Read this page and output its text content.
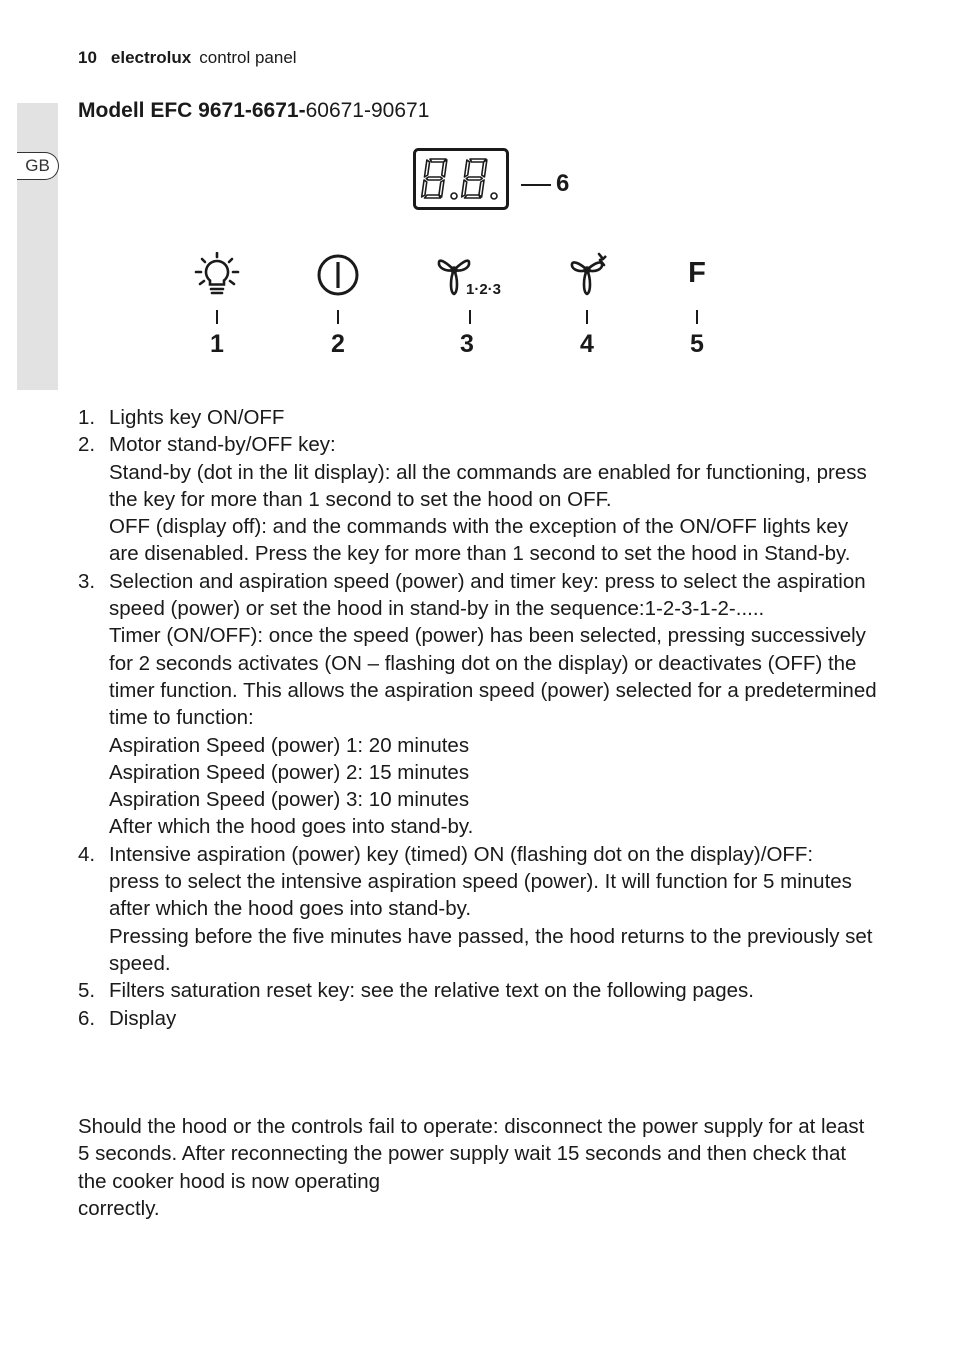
GB
10 electrolux control panel
Modell EFC 9671-6671-60671-90671
6
1	2
1·2·3
3	4
F
5
1. Lights key ON/OFF
2. Motor stand-by/OFF key:
Stand-by (dot in the lit display): all the commands are enabled for functioning, press the key for more than 1 second to set the hood on OFF.
OFF (display off): and the commands with the exception of the ON/OFF lights key are disenabled. Press the key for more than 1 second to set the hood in Stand-by.
3. Selection and aspiration speed (power) and timer key: press to select the aspiration speed (power) or set the hood in stand-by in the sequence:1-2-3-1-2-.....
Timer (ON/OFF): once the speed (power) has been selected, pressing successively for 2 seconds activates (ON – flashing dot on the display) or deactivates (OFF) the timer function. This allows the aspiration speed (power) selected for a predetermined time to function:
Aspiration Speed (power) 1: 20 minutes
Aspiration Speed (power) 2: 15 minutes
Aspiration Speed (power) 3: 10 minutes
After which the hood goes into stand-by.
4. Intensive aspiration (power) key (timed) ON (flashing dot on the display)/OFF:
press to select the intensive aspiration speed (power). It will function for 5 minutes after which the hood goes into stand-by.
Pressing before the five minutes have passed, the hood returns to the previously set speed.
5. Filters saturation reset key: see the relative text on the following pages.
6. Display
Should the hood or the controls fail to operate: disconnect the power supply for at least 5 seconds. After reconnecting the power supply wait 15 seconds and then check that the cooker hood is now operating
correctly.
